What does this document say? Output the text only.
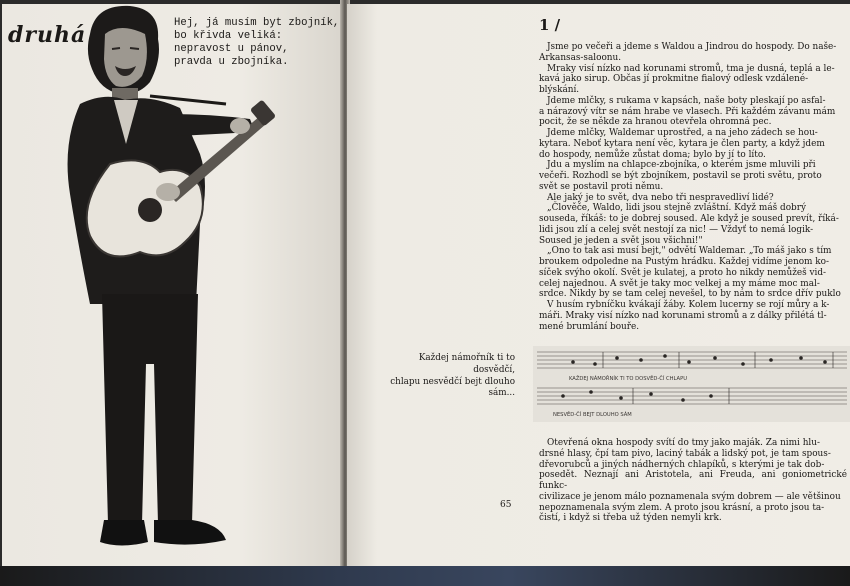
druhá	Hej, já musím byt zbojník,
bo křivda veliká:
nepravost u pánov,
pravda u zbojníka.
1 /

Jsme po večeři a jdeme s Waldou a Jindrou do hospody. Do naše-

Arkansas-saloonu.

Mraky visí nízko nad korunami stromů, tma je dusná, teplá a le-

kavá jako sirup. Občas jí prokmitne fialový odlesk vzdálené-

blýskání.

Jdeme mlčky, s rukama v kapsách, naše boty pleskají po asfal-

a nárazový vítr se nám hrabe ve vlasech. Při každém závanu mám

pocit, že se někde za hranou otevřela ohromná pec.

Jdeme mlčky, Waldemar uprostřed, a na jeho zádech se hou-

kytara. Neboť kytara není věc, kytara je člen party, a když jdem

do hospody, nemůže zůstat doma; bylo by jí to líto.

Jdu a myslím na chlapce-zbojníka, o kterém jsme mluvili při

večeři. Rozhodl se být zbojníkem, postavil se proti světu, proto

svět se postavil proti němu.

Ale jaký je to svět, dva nebo tři nespravedliví lidé?

„Člověče, Waldo, lidi jsou stejně zvláštní. Když máš dobrý

souseda, říkáš: to je dobrej soused. Ale když je soused prevít, říká-

lidi jsou zlí a celej svět nestojí za nic! — Vždyť to nemá logik-

Soused je jeden a svět jsou všichni!"

„Ono to tak asi musí bejt," odvětí Waldemar. „To máš jako s tím

broukem odpoledne na Pustým hrádku. Každej vidíme jenom ko-

síček svýho okolí. Svět je kulatej, a proto ho nikdy nemůžeš vid-

celej najednou. A svět je taky moc velkej a my máme moc mal-

srdce. Nikdy by se tam celej nevešel, to by nám to srdce dřív puklo

V husím rybníčku kvákají žáby. Kolem lucerny se rojí můry a k-

máři. Mraky visí nízko nad korunami stromů a z dálky přilétá tl-

mené brumlání bouře.

Každej námořník ti to
dosvědčí,
chlapu nesvědčí bejt dlouho
sám...
KAŽDEJ NÁMOŘNÍK TI TO DOSVĚD-ČÍ CHLAPU
NESVĚD-ČÍ BEJT DLOUHO SÁM

Otevřená okna hospody svítí do tmy jako maják. Za nimi hlu-

drsné hlasy, čpí tam pivo, laciný tabák a lidský pot, je tam spous-

dřevorubců a jiných nádherných chlapíků, s kterými je tak dob-

posedět. Neznají ani Aristotela, ani Freuda, ani goniometrické funkc-

civilizace je jenom málo poznamenala svým dobrem — ale většinou

nepoznamenala svým zlem. A proto jsou krásní, a proto jsou ta-

čistí, i když si třeba už týden nemyli krk.

65
